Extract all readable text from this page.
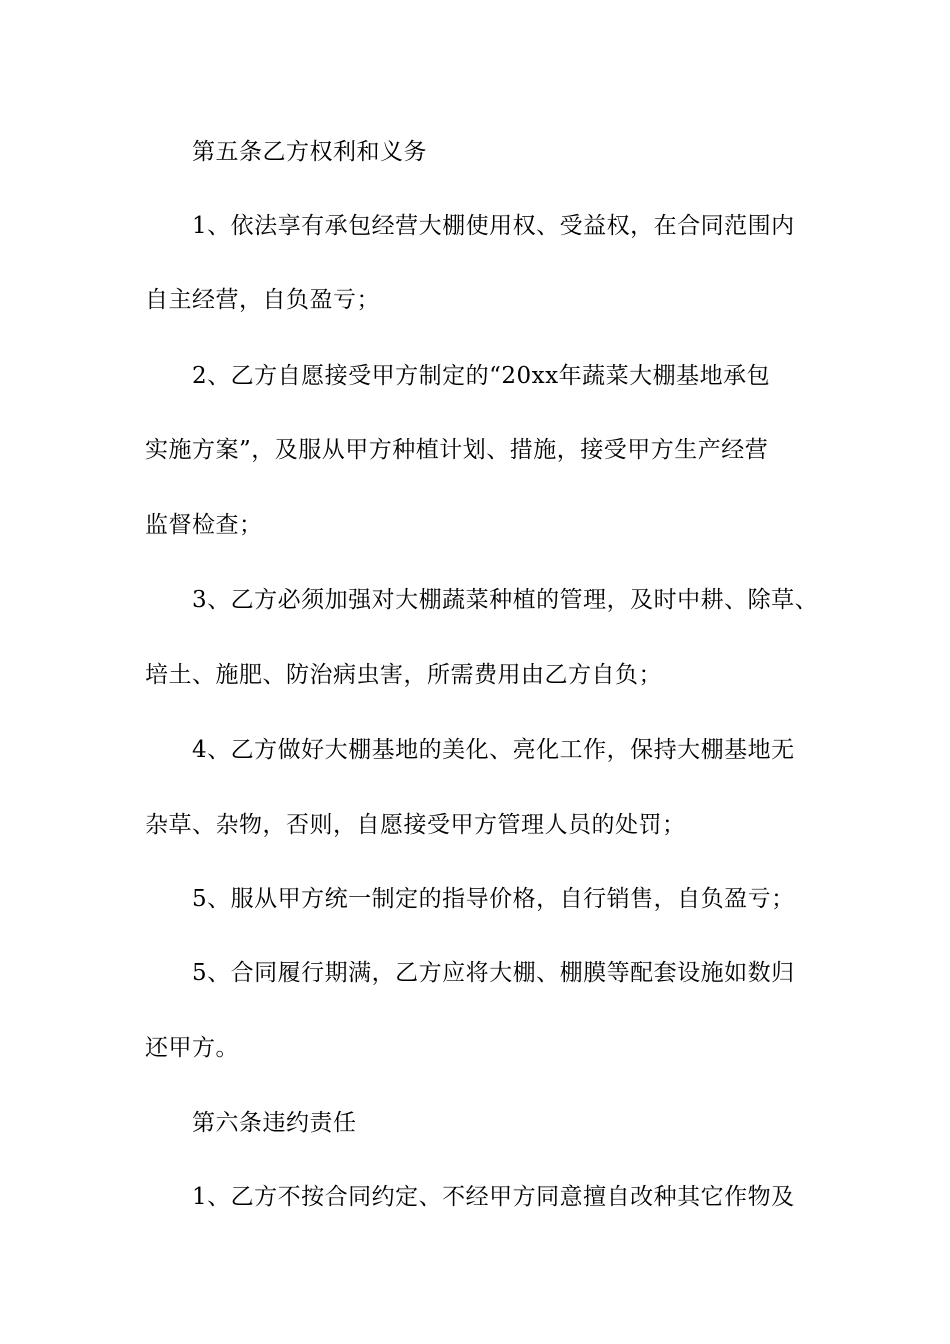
第五条乙方权利和义务
1、依法享有承包经营大棚使用权、受益权，在合同范围内
自主经营，自负盈亏；
2、乙方自愿接受甲方制定的“20xx年蔬菜大棚基地承包
实施方案”，及服从甲方种植计划、措施，接受甲方生产经营
监督检查；
3、乙方必须加强对大棚蔬菜种植的管理，及时中耕、除草、
培土、施肥、防治病虫害，所需费用由乙方自负；
4、乙方做好大棚基地的美化、亮化工作，保持大棚基地无
杂草、杂物，否则，自愿接受甲方管理人员的处罚；
5、服从甲方统一制定的指导价格，自行销售，自负盈亏；
5、合同履行期满，乙方应将大棚、棚膜等配套设施如数归
还甲方。
第六条违约责任
1、乙方不按合同约定、不经甲方同意擅自改种其它作物及
